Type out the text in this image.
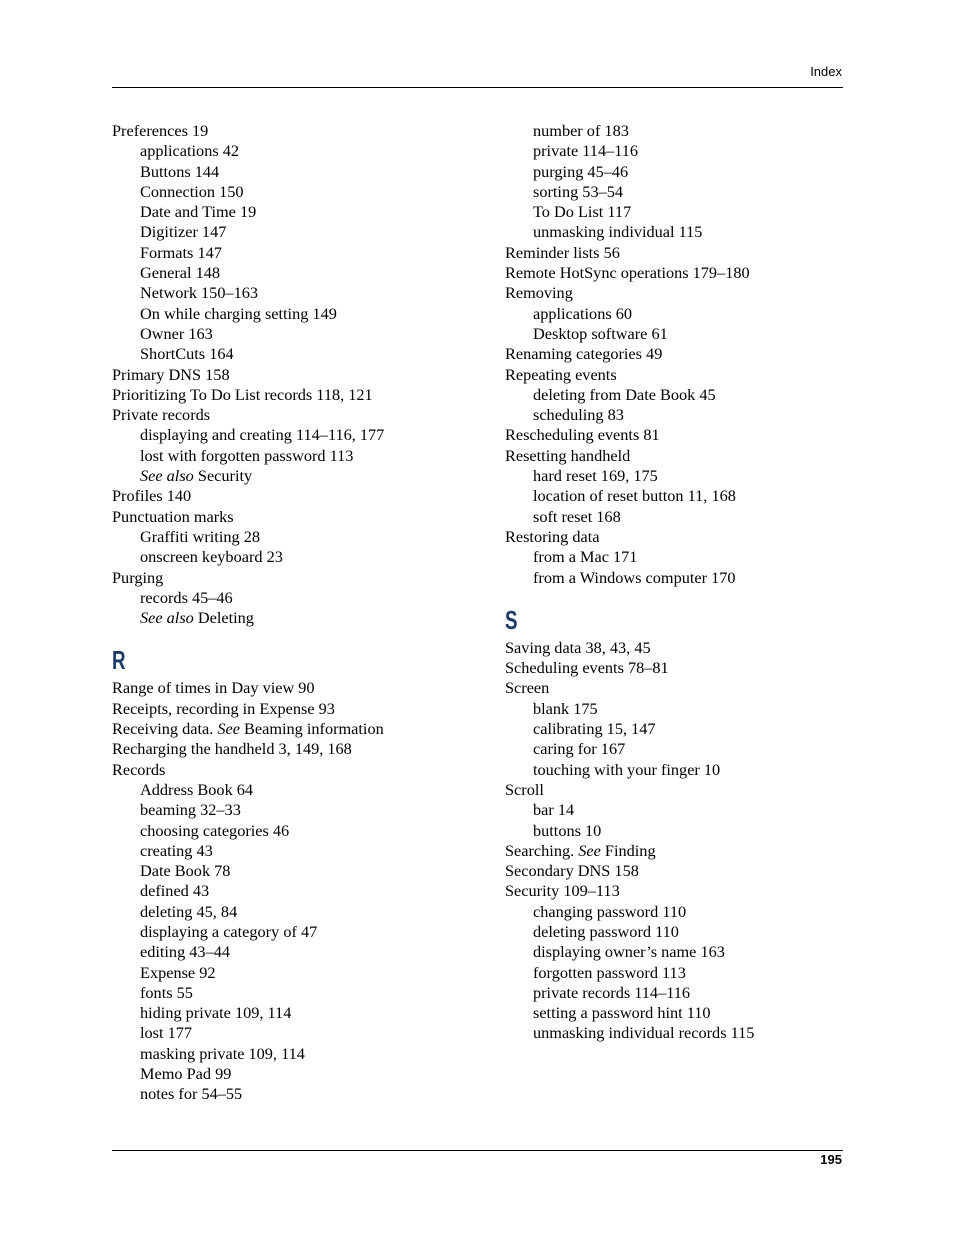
Index
Preferences 19
applications 42
Buttons 144
Connection 150
Date and Time 19
Digitizer 147
Formats 147
General 148
Network 150–163
On while charging setting 149
Owner 163
ShortCuts 164
Primary DNS 158
Prioritizing To Do List records 118, 121
Private records
displaying and creating 114–116, 177
lost with forgotten password 113
See also Security
Profiles 140
Punctuation marks
Graffiti writing 28
onscreen keyboard 23
Purging
records 45–46
See also Deleting
R
Range of times in Day view 90
Receipts, recording in Expense 93
Receiving data. See Beaming information
Recharging the handheld 3, 149, 168
Records
Address Book 64
beaming 32–33
choosing categories 46
creating 43
Date Book 78
defined 43
deleting 45, 84
displaying a category of 47
editing 43–44
Expense 92
fonts 55
hiding private 109, 114
lost 177
masking private 109, 114
Memo Pad 99
notes for 54–55
number of 183
private 114–116
purging 45–46
sorting 53–54
To Do List 117
unmasking individual 115
Reminder lists 56
Remote HotSync operations 179–180
Removing
applications 60
Desktop software 61
Renaming categories 49
Repeating events
deleting from Date Book 45
scheduling 83
Rescheduling events 81
Resetting handheld
hard reset 169, 175
location of reset button 11, 168
soft reset 168
Restoring data
from a Mac 171
from a Windows computer 170
S
Saving data 38, 43, 45
Scheduling events 78–81
Screen
blank 175
calibrating 15, 147
caring for 167
touching with your finger 10
Scroll
bar 14
buttons 10
Searching. See Finding
Secondary DNS 158
Security 109–113
changing password 110
deleting password 110
displaying owner’s name 163
forgotten password 113
private records 114–116
setting a password hint 110
unmasking individual records 115
195
